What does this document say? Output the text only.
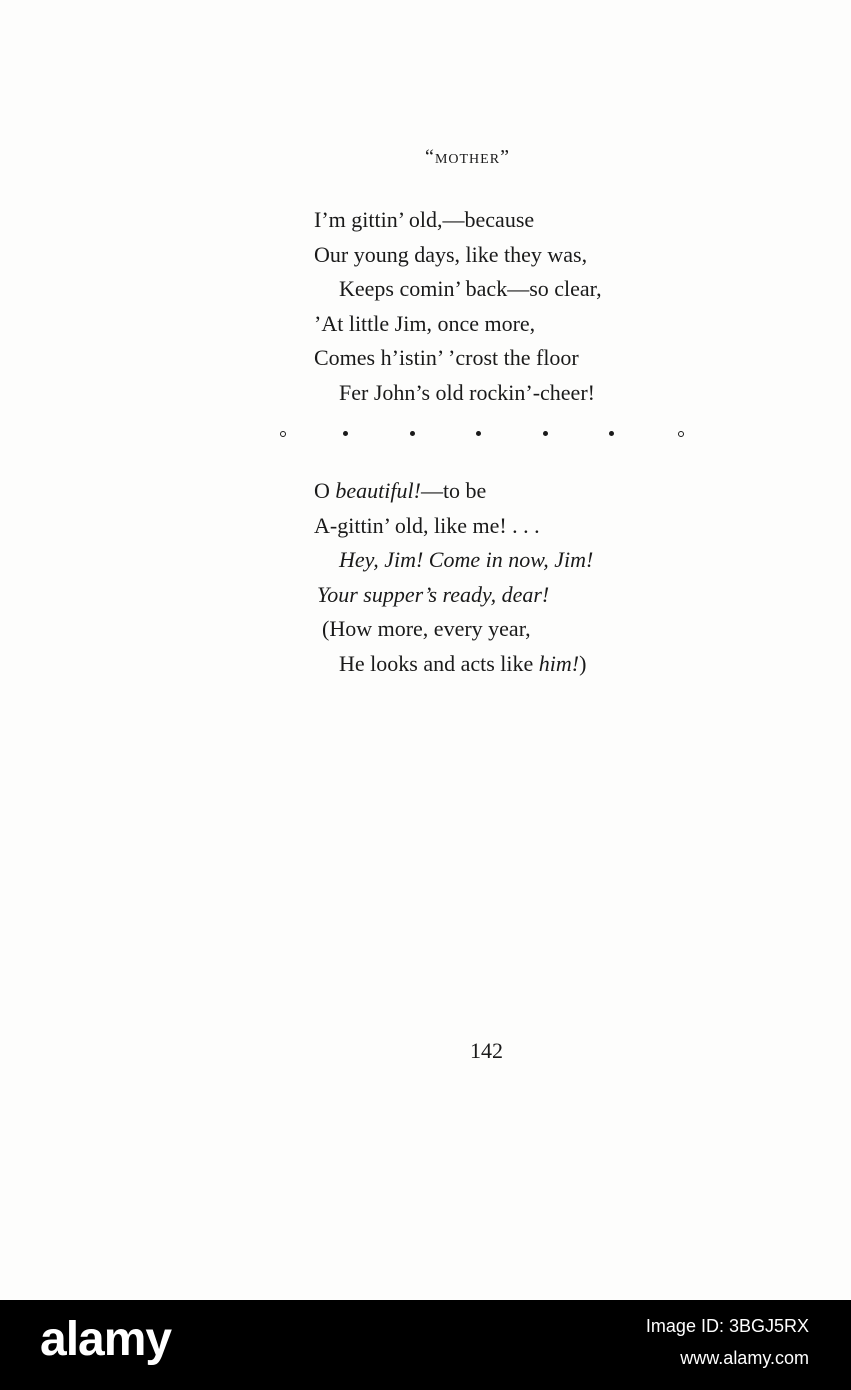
“mother”
I’m gittin’ old,—because
Our young days, like they was,
Keeps comin’ back—so clear,
’At little Jim, once more,
Comes h’istin’ ’crost the floor
Fer John’s old rockin’-cheer!
O beautiful!—to be
A-gittin’ old, like me! . . .
Hey, Jim! Come in now, Jim!
Your supper’s ready, dear!
(How more, every year,
He looks and acts like him!)
142
alamy	Image ID: 3BGJ5RX
www.alamy.com
